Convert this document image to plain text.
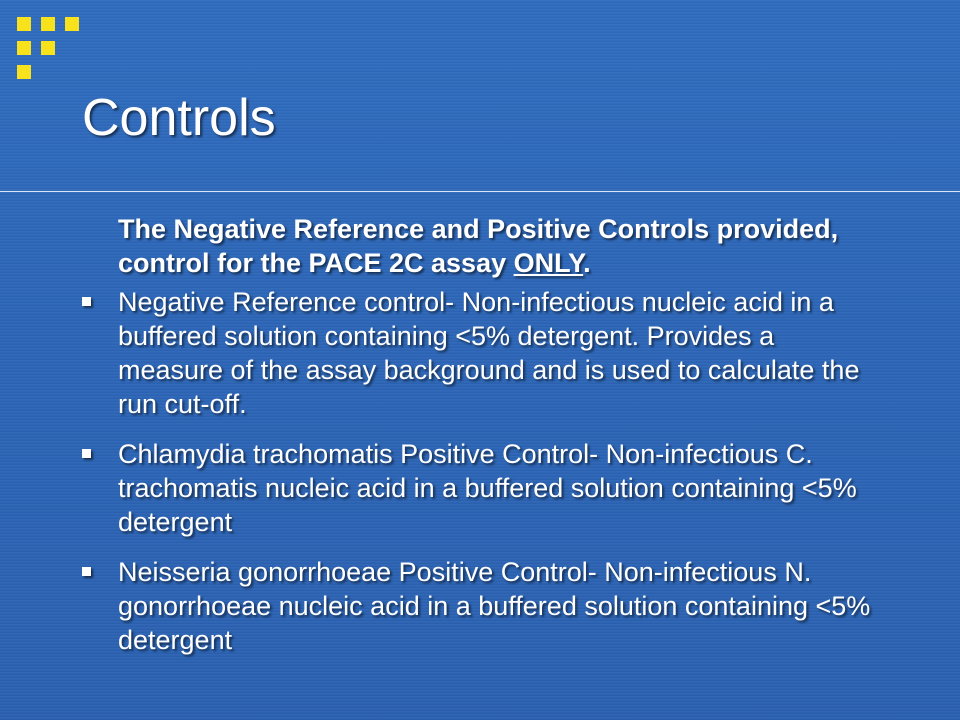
Controls

The Negative Reference and Positive Controls provided, control for the PACE 2C assay ONLY.

Negative Reference control- Non-infectious nucleic acid in a buffered solution containing <5% detergent. Provides a measure of the assay background and is used to calculate the run cut-off.
Chlamydia trachomatis Positive Control- Non-infectious C. trachomatis nucleic acid in a buffered solution containing <5% detergent
Neisseria gonorrhoeae Positive Control- Non-infectious N. gonorrhoeae nucleic acid in a buffered solution containing <5% detergent
